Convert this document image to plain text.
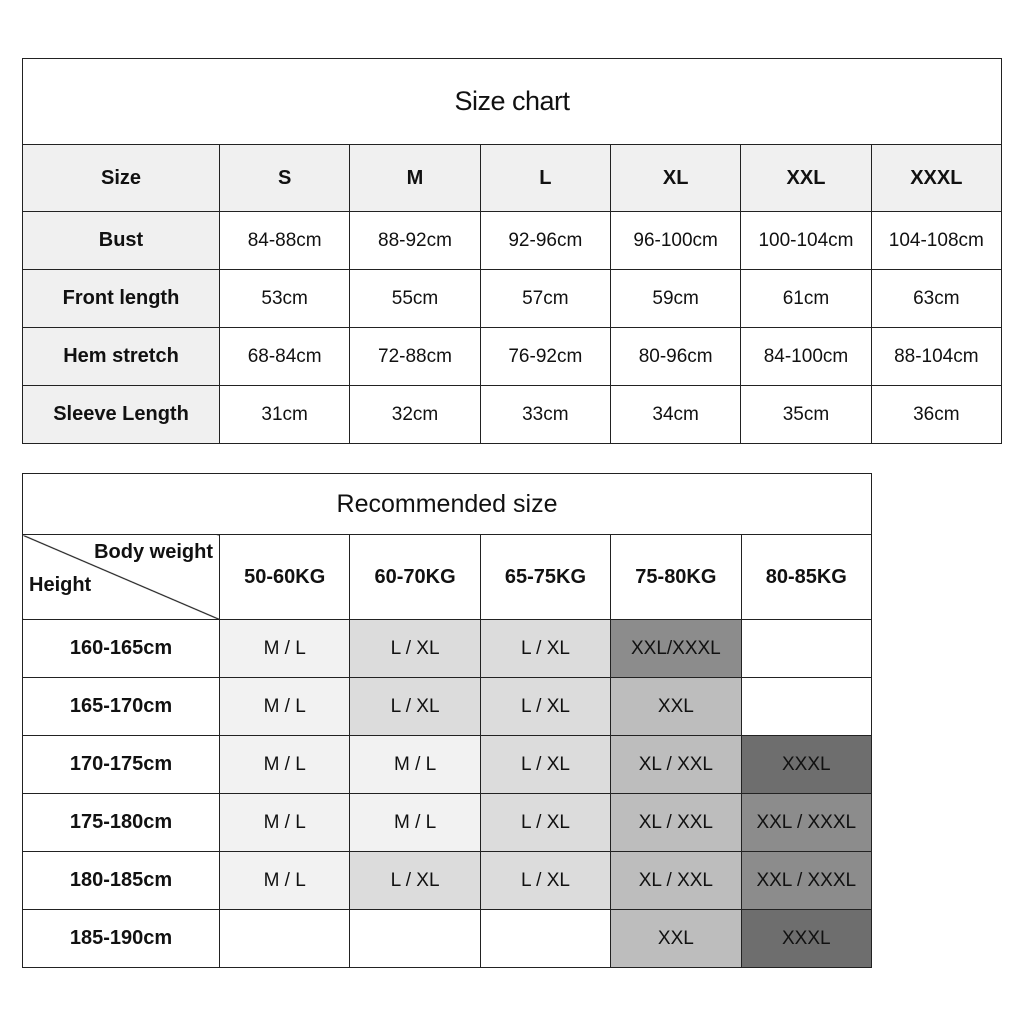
Size chart						
Size	S	M	L	XL	XXL	XXXL
Bust	84-88cm	88-92cm	92-96cm	96-100cm	100-104cm	104-108cm
Front length	53cm	55cm	57cm	59cm	61cm	63cm
Hem stretch	68-84cm	72-88cm	76-92cm	80-96cm	84-100cm	88-104cm
Sleeve Length	31cm	32cm	33cm	34cm	35cm	36cm
Recommended size					

Body weight
Height	50-60KG	60-70KG	65-75KG	75-80KG	80-85KG
160-165cm	M / L	L / XL	L / XL	XXL/XXXL	
165-170cm	M / L	L / XL	L / XL	XXL	
170-175cm	M / L	M / L	L / XL	XL / XXL	XXXL
175-180cm	M / L	M / L	L / XL	XL / XXL	XXL / XXXL
180-185cm	M / L	L / XL	L / XL	XL / XXL	XXL / XXXL
185-190cm				XXL	XXXL
